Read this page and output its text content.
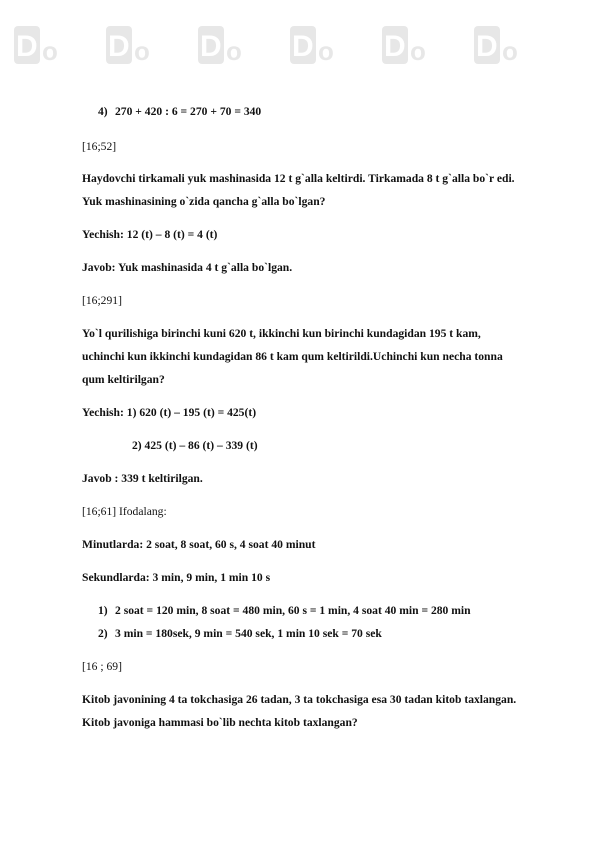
D o D o D o D o D o D o
4) 270 + 420 : 6 = 270 + 70 = 340
[16;52]
Haydovchi tirkamali yuk mashinasida 12 t g`alla keltirdi. Tirkamada 8 t g`alla bo`r edi.
Yuk mashinasining o`zida qancha g`alla bo`lgan?
Yechish: 12 (t) – 8 (t) = 4 (t)
Javob: Yuk mashinasida 4 t g`alla bo`lgan.
[16;291]
Yo`l qurilishiga birinchi kuni 620 t, ikkinchi kun birinchi kundagidan 195 t kam,
uchinchi kun ikkinchi kundagidan 86 t kam qum keltirildi.Uchinchi kun necha tonna
qum keltirilgan?
Yechish: 1) 620 (t) – 195 (t) = 425(t)
2) 425 (t) – 86 (t) – 339 (t)
Javob : 339 t keltirilgan.
[16;61] Ifodalang:
Minutlarda: 2 soat, 8 soat, 60 s, 4 soat 40 minut
Sekundlarda: 3 min, 9 min, 1 min 10 s
1) 2 soat = 120 min, 8 soat = 480 min, 60 s = 1 min, 4 soat 40 min = 280 min
2) 3 min = 180sek, 9 min = 540 sek, 1 min 10 sek = 70 sek
[16 ; 69]
Kitob javonining 4 ta tokchasiga 26 tadan, 3 ta tokchasiga esa 30 tadan kitob taxlangan.
Kitob javoniga hammasi bo`lib nechta kitob taxlangan?
